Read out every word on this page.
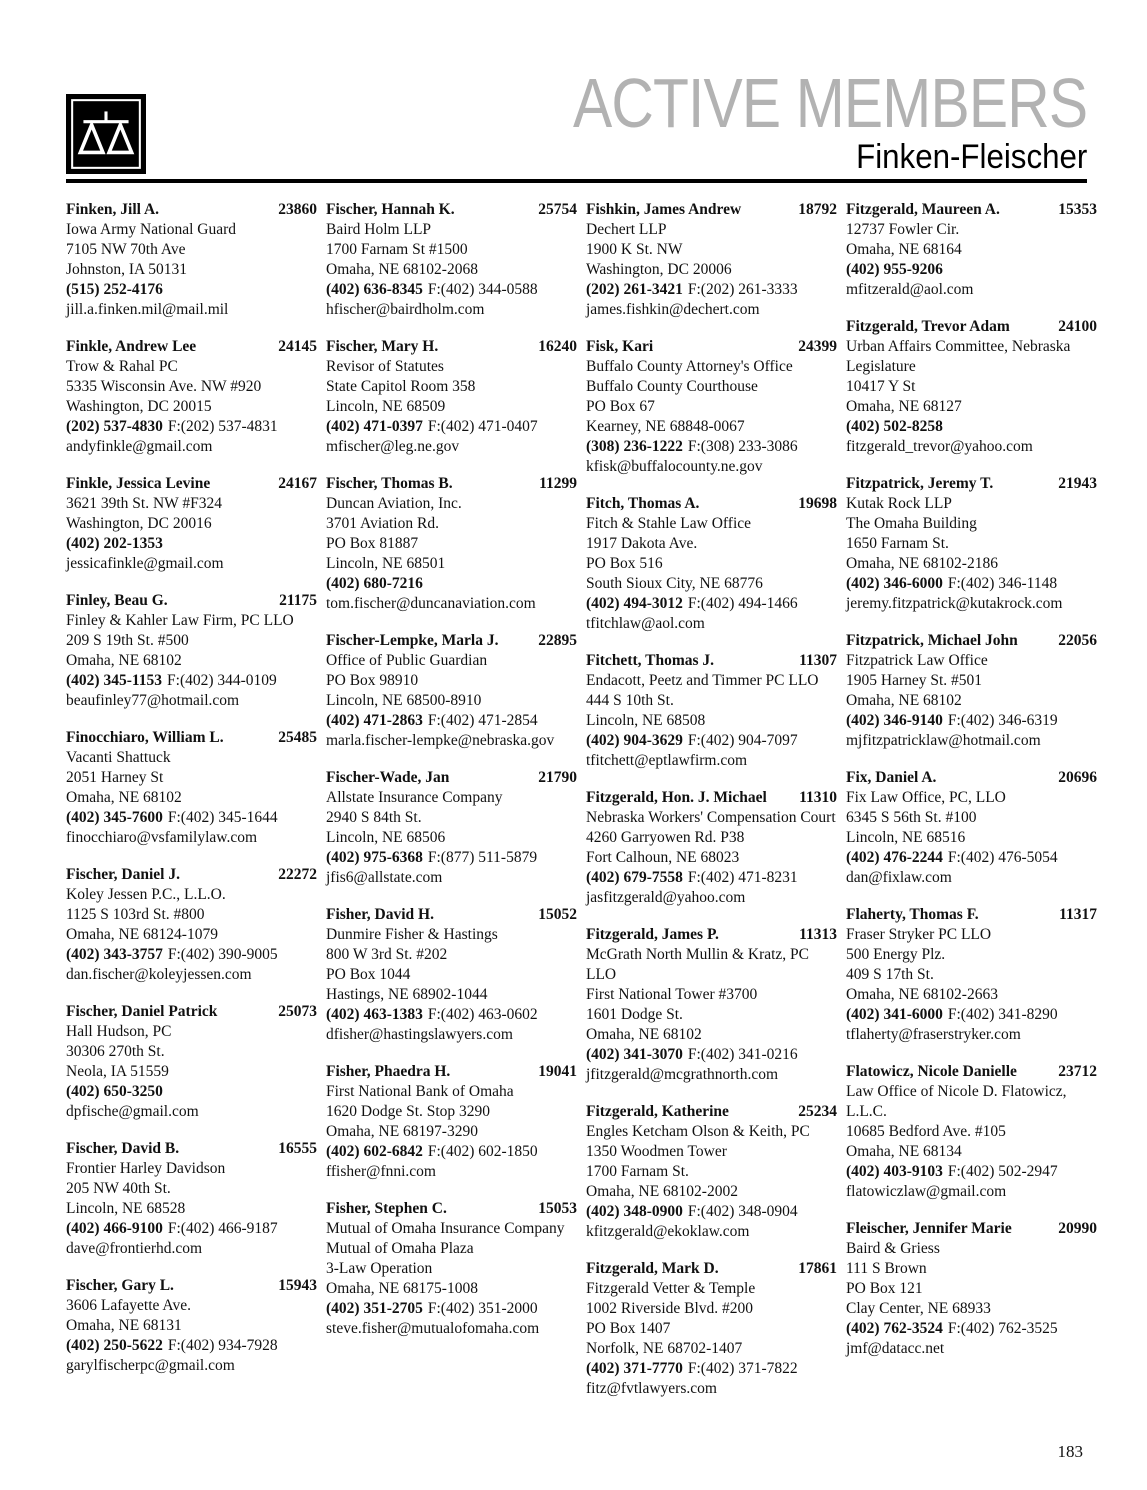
ACTIVE MEMBERS
Finken-Fleischer
Finken, Jill A.	23860
Iowa Army National Guard
7105 NW 70th Ave
Johnston, IA 50131
(515) 252-4176
jill.a.finken.mil@mail.mil
Finkle, Andrew Lee	24145
Trow & Rahal PC
5335 Wisconsin Ave. NW #920
Washington, DC 20015
(202) 537-4830 F:(202) 537-4831
andyfinkle@gmail.com
Finkle, Jessica Levine	24167
3621 39th St. NW #F324
Washington, DC 20016
(402) 202-1353
jessicafinkle@gmail.com
Finley, Beau G.	21175
Finley & Kahler Law Firm, PC LLO
209 S 19th St. #500
Omaha, NE 68102
(402) 345-1153 F:(402) 344-0109
beaufinley77@hotmail.com
Finocchiaro, William L.	25485
Vacanti Shattuck
2051 Harney St
Omaha, NE 68102
(402) 345-7600 F:(402) 345-1644
finocchiaro@vsfamilylaw.com
Fischer, Daniel J.	22272
Koley Jessen P.C., L.L.O.
1125 S 103rd St. #800
Omaha, NE 68124-1079
(402) 343-3757 F:(402) 390-9005
dan.fischer@koleyjessen.com
Fischer, Daniel Patrick	25073
Hall Hudson, PC
30306 270th St.
Neola, IA 51559
(402) 650-3250
dpfische@gmail.com
Fischer, David B.	16555
Frontier Harley Davidson
205 NW 40th St.
Lincoln, NE 68528
(402) 466-9100 F:(402) 466-9187
dave@frontierhd.com
Fischer, Gary L.	15943
3606 Lafayette Ave.
Omaha, NE 68131
(402) 250-5622 F:(402) 934-7928
garylfischerpc@gmail.com
Fischer, Hannah K.	25754
Baird Holm LLP
1700 Farnam St #1500
Omaha, NE 68102-2068
(402) 636-8345 F:(402) 344-0588
hfischer@bairdholm.com
Fischer, Mary H.	16240
Revisor of Statutes
State Capitol Room 358
Lincoln, NE 68509
(402) 471-0397 F:(402) 471-0407
mfischer@leg.ne.gov
Fischer, Thomas B.	11299
Duncan Aviation, Inc.
3701 Aviation Rd.
PO Box 81887
Lincoln, NE 68501
(402) 680-7216
tom.fischer@duncanaviation.com
Fischer-Lempke, Marla J.	22895
Office of Public Guardian
PO Box 98910
Lincoln, NE 68500-8910
(402) 471-2863 F:(402) 471-2854
marla.fischer-lempke@nebraska.gov
Fischer-Wade, Jan	21790
Allstate Insurance Company
2940 S 84th St.
Lincoln, NE 68506
(402) 975-6368 F:(877) 511-5879
jfis6@allstate.com
Fisher, David H.	15052
Dunmire Fisher & Hastings
800 W 3rd St. #202
PO Box 1044
Hastings, NE 68902-1044
(402) 463-1383 F:(402) 463-0602
dfisher@hastingslawyers.com
Fisher, Phaedra H.	19041
First National Bank of Omaha
1620 Dodge St. Stop 3290
Omaha, NE 68197-3290
(402) 602-6842 F:(402) 602-1850
ffisher@fnni.com
Fisher, Stephen C.	15053
Mutual of Omaha Insurance Company
Mutual of Omaha Plaza
3-Law Operation
Omaha, NE 68175-1008
(402) 351-2705 F:(402) 351-2000
steve.fisher@mutualofomaha.com
Fishkin, James Andrew	18792
Dechert LLP
1900 K St. NW
Washington, DC 20006
(202) 261-3421 F:(202) 261-3333
james.fishkin@dechert.com
Fisk, Kari	24399
Buffalo County Attorney's Office
Buffalo County Courthouse
PO Box 67
Kearney, NE 68848-0067
(308) 236-1222 F:(308) 233-3086
kfisk@buffalocounty.ne.gov
Fitch, Thomas A.	19698
Fitch & Stahle Law Office
1917 Dakota Ave.
PO Box 516
South Sioux City, NE 68776
(402) 494-3012 F:(402) 494-1466
tfitchlaw@aol.com
Fitchett, Thomas J.	11307
Endacott, Peetz and Timmer PC LLO
444 S 10th St.
Lincoln, NE 68508
(402) 904-3629 F:(402) 904-7097
tfitchett@eptlawfirm.com
Fitzgerald, Hon. J. Michael 11310
Nebraska Workers' Compensation Court
4260 Garryowen Rd. P38
Fort Calhoun, NE 68023
(402) 679-7558 F:(402) 471-8231
jasfitzgerald@yahoo.com
Fitzgerald, James P.	11313
McGrath North Mullin & Kratz, PC LLO
First National Tower #3700
1601 Dodge St.
Omaha, NE 68102
(402) 341-3070 F:(402) 341-0216
jfitzgerald@mcgrathnorth.com
Fitzgerald, Katherine	25234
Engles Ketcham Olson & Keith, PC
1350 Woodmen Tower
1700 Farnam St.
Omaha, NE 68102-2002
(402) 348-0900 F:(402) 348-0904
kfitzgerald@ekoklaw.com
Fitzgerald, Mark D.	17861
Fitzgerald Vetter & Temple
1002 Riverside Blvd. #200
PO Box 1407
Norfolk, NE 68702-1407
(402) 371-7770 F:(402) 371-7822
fitz@fvtlawyers.com
Fitzgerald, Maureen A.	15353
12737 Fowler Cir.
Omaha, NE 68164
(402) 955-9206
mfitzerald@aol.com
Fitzgerald, Trevor Adam	24100
Urban Affairs Committee, Nebraska Legislature
10417 Y St
Omaha, NE 68127
(402) 502-8258
fitzgerald_trevor@yahoo.com
Fitzpatrick, Jeremy T.	21943
Kutak Rock LLP
The Omaha Building
1650 Farnam St.
Omaha, NE 68102-2186
(402) 346-6000 F:(402) 346-1148
jeremy.fitzpatrick@kutakrock.com
Fitzpatrick, Michael John	22056
Fitzpatrick Law Office
1905 Harney St. #501
Omaha, NE 68102
(402) 346-9140 F:(402) 346-6319
mjfitzpatricklaw@hotmail.com
Fix, Daniel A.	20696
Fix Law Office, PC, LLO
6345 S 56th St. #100
Lincoln, NE 68516
(402) 476-2244 F:(402) 476-5054
dan@fixlaw.com
Flaherty, Thomas F.	11317
Fraser Stryker PC LLO
500 Energy Plz.
409 S 17th St.
Omaha, NE 68102-2663
(402) 341-6000 F:(402) 341-8290
tflaherty@fraserstryker.com
Flatowicz, Nicole Danielle	23712
Law Office of Nicole D. Flatowicz, L.L.C.
10685 Bedford Ave. #105
Omaha, NE 68134
(402) 403-9103 F:(402) 502-2947
flatowiczlaw@gmail.com
Fleischer, Jennifer Marie	20990
Baird & Griess
111 S Brown
PO Box 121
Clay Center, NE 68933
(402) 762-3524 F:(402) 762-3525
jmf@datacc.net
183
